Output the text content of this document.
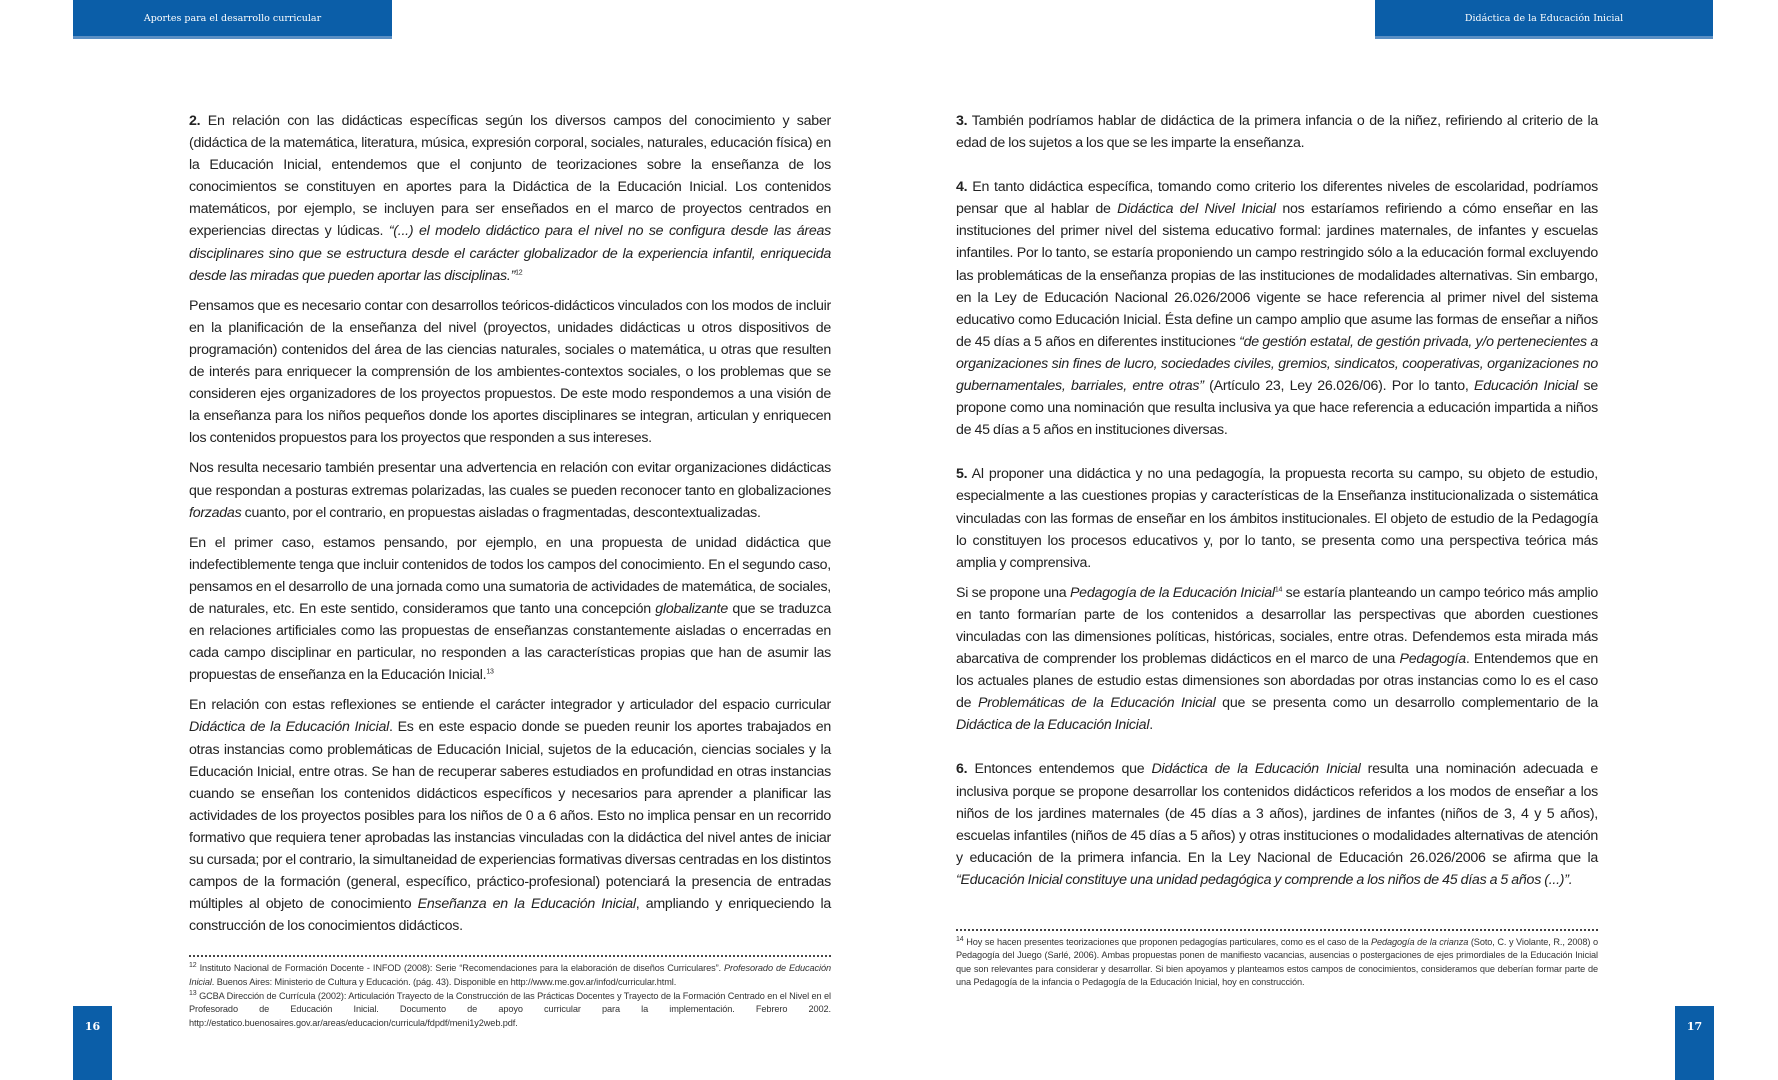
Aportes para el desarrollo curricular	Didáctica de la Educación Inicial

2. En relación con las didácticas específicas según los diversos campos del conocimiento y saber (didáctica de la matemática, literatura, música, expresión corporal, sociales, naturales, educación física) en la Educación Inicial, entendemos que el conjunto de teorizaciones sobre la enseñanza de los conocimientos se constituyen en aportes para la Didáctica de la Educación Inicial. Los contenidos matemáticos, por ejemplo, se incluyen para ser enseñados en el marco de proyectos centrados en experiencias directas y lúdicas. “(...) el modelo didáctico para el nivel no se configura desde las áreas disciplinares sino que se estructura desde el carácter globalizador de la experiencia infantil, enriquecida desde las miradas que pueden aportar las disciplinas.”$^{12}$

Pensamos que es necesario contar con desarrollos teóricos-didácticos vinculados con los modos de incluir en la planificación de la enseñanza del nivel (proyectos, unidades didácticas u otros dispositivos de programación) contenidos del área de las ciencias naturales, sociales o matemática, u otras que resulten de interés para enriquecer la comprensión de los ambientes-contextos sociales, o los problemas que se consideren ejes organizadores de los proyectos propuestos. De este modo respondemos a una visión de la enseñanza para los niños pequeños donde los aportes disciplinares se integran, articulan y enriquecen los contenidos propuestos para los proyectos que responden a sus intereses.

Nos resulta necesario también presentar una advertencia en relación con evitar organizaciones didácticas que respondan a posturas extremas polarizadas, las cuales se pueden reconocer tanto en globalizaciones forzadas cuanto, por el contrario, en propuestas aisladas o fragmentadas, descontextualizadas.

En el primer caso, estamos pensando, por ejemplo, en una propuesta de unidad didáctica que indefectiblemente tenga que incluir contenidos de todos los campos del conocimiento. En el segundo caso, pensamos en el desarrollo de una jornada como una sumatoria de actividades de matemática, de sociales, de naturales, etc. En este sentido, consideramos que tanto una concepción globalizante que se traduzca en relaciones artificiales como las propuestas de enseñanzas constantemente aisladas o encerradas en cada campo disciplinar en particular, no responden a las características propias que han de asumir las propuestas de enseñanza en la Educación Inicial.$^{13}$

En relación con estas reflexiones se entiende el carácter integrador y articulador del espacio curricular Didáctica de la Educación Inicial. Es en este espacio donde se pueden reunir los aportes trabajados en otras instancias como problemáticas de Educación Inicial, sujetos de la educación, ciencias sociales y la Educación Inicial, entre otras. Se han de recuperar saberes estudiados en profundidad en otras instancias cuando se enseñan los contenidos didácticos específicos y necesarios para aprender a planificar las actividades de los proyectos posibles para los niños de 0 a 6 años. Esto no implica pensar en un recorrido formativo que requiera tener aprobadas las instancias vinculadas con la didáctica del nivel antes de iniciar su cursada; por el contrario, la simultaneidad de experiencias formativas diversas centradas en los distintos campos de la formación (general, específico, práctico-profesional) potenciará la presencia de entradas múltiples al objeto de conocimiento Enseñanza en la Educación Inicial, ampliando y enriqueciendo la construcción de los conocimientos didácticos.

$^{12}$ Instituto Nacional de Formación Docente - INFOD (2008): Serie “Recomendaciones para la elaboración de diseños Curriculares”. Profesorado de Educación Inicial. Buenos Aires: Ministerio de Cultura y Educación. (pág. 43). Disponible en http://www.me.gov.ar/infod/curricular.html.

$^{13}$ GCBA Dirección de Currícula (2002): Articulación Trayecto de la Construcción de las Prácticas Docentes y Trayecto de la Formación Centrado en el Nivel en el Profesorado de Educación Inicial. Documento de apoyo curricular para la implementación. Febrero 2002. http://estatico.buenosaires.gov.ar/areas/educacion/curricula/fdpdf/meni1y2web.pdf.

3. También podríamos hablar de didáctica de la primera infancia o de la niñez, refiriendo al criterio de la edad de los sujetos a los que se les imparte la enseñanza.

4. En tanto didáctica específica, tomando como criterio los diferentes niveles de escolaridad, podríamos pensar que al hablar de Didáctica del Nivel Inicial nos estaríamos refiriendo a cómo enseñar en las instituciones del primer nivel del sistema educativo formal: jardines maternales, de infantes y escuelas infantiles. Por lo tanto, se estaría proponiendo un campo restringido sólo a la educación formal excluyendo las problemáticas de la enseñanza propias de las instituciones de modalidades alternativas. Sin embargo, en la Ley de Educación Nacional 26.026/2006 vigente se hace referencia al primer nivel del sistema educativo como Educación Inicial. Ésta define un campo amplio que asume las formas de enseñar a niños de 45 días a 5 años en diferentes instituciones “de gestión estatal, de gestión privada, y/o pertenecientes a organizaciones sin fines de lucro, sociedades civiles, gremios, sindicatos, cooperativas, organizaciones no gubernamentales, barriales, entre otras” (Artículo 23, Ley 26.026/06). Por lo tanto, Educación Inicial se propone como una nominación que resulta inclusiva ya que hace referencia a educación impartida a niños de 45 días a 5 años en instituciones diversas.

5. Al proponer una didáctica y no una pedagogía, la propuesta recorta su campo, su objeto de estudio, especialmente a las cuestiones propias y características de la Enseñanza institucionalizada o sistemática vinculadas con las formas de enseñar en los ámbitos institucionales. El objeto de estudio de la Pedagogía lo constituyen los procesos educativos y, por lo tanto, se presenta como una perspectiva teórica más amplia y comprensiva.

Si se propone una Pedagogía de la Educación Inicial$^{14}$ se estaría planteando un campo teórico más amplio en tanto formarían parte de los contenidos a desarrollar las perspectivas que aborden cuestiones vinculadas con las dimensiones políticas, históricas, sociales, entre otras. Defendemos esta mirada más abarcativa de comprender los problemas didácticos en el marco de una Pedagogía. Entendemos que en los actuales planes de estudio estas dimensiones son abordadas por otras instancias como lo es el caso de Problemáticas de la Educación Inicial que se presenta como un desarrollo complementario de la Didáctica de la Educación Inicial.

6. Entonces entendemos que Didáctica de la Educación Inicial resulta una nominación adecuada e inclusiva porque se propone desarrollar los contenidos didácticos referidos a los modos de enseñar a los niños de los jardines maternales (de 45 días a 3 años), jardines de infantes (niños de 3, 4 y 5 años), escuelas infantiles (niños de 45 días a 5 años) y otras instituciones o modalidades alternativas de atención y educación de la primera infancia. En la Ley Nacional de Educación 26.026/2006 se afirma que la “Educación Inicial constituye una unidad pedagógica y comprende a los niños de 45 días a 5 años (...)”.

$^{14}$ Hoy se hacen presentes teorizaciones que proponen pedagogías particulares, como es el caso de la Pedagogía de la crianza (Soto, C. y Violante, R., 2008) o Pedagogía del Juego (Sarlé, 2006). Ambas propuestas ponen de manifiesto vacancias, ausencias o postergaciones de ejes primordiales de la Educación Inicial que son relevantes para considerar y desarrollar. Si bien apoyamos y planteamos estos campos de conocimientos, consideramos que deberían formar parte de una Pedagogía de la infancia o Pedagogía de la Educación Inicial, hoy en construcción.

16	17
